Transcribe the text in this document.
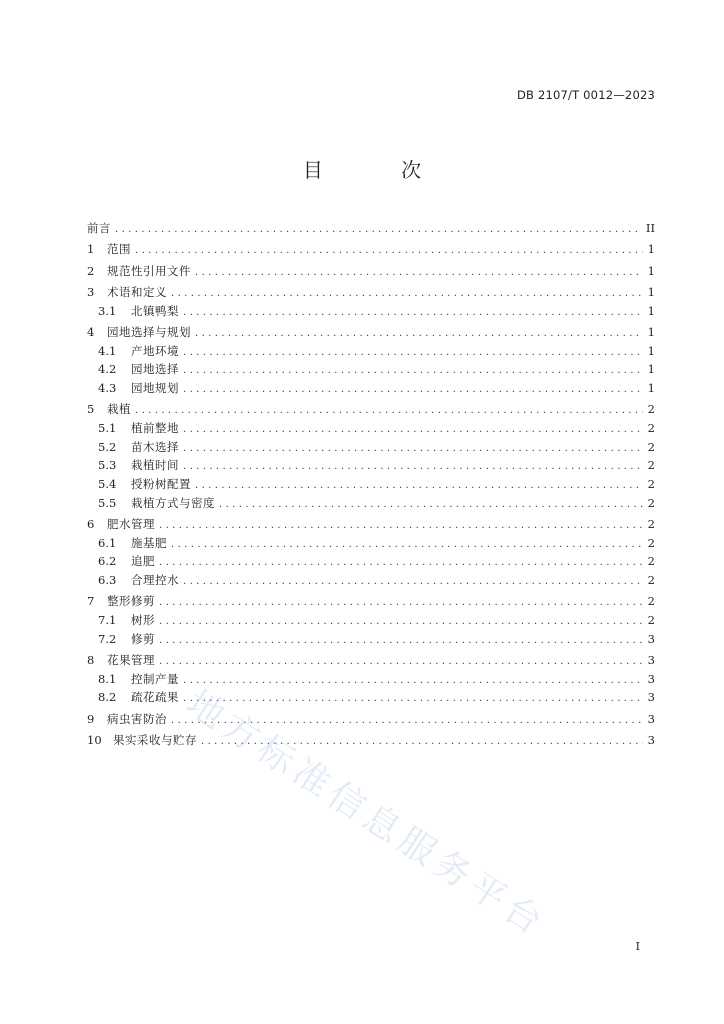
DB 2107/T 0012—2023
目 次
前言 .....	II
1	范围 .....	1
2	规范性引用文件 .....	1
3	术语和定义 .....	1
3.1	北镇鸭梨 .....	1
4	园地选择与规划 .....	1
4.1	产地环境 .....	1
4.2	园地选择 .....	1
4.3	园地规划 .....	1
5	栽植 .....	2
5.1	植前整地 .....	2
5.2	苗木选择 .....	2
5.3	栽植时间 .....	2
5.4	授粉树配置 .....	2
5.5	栽植方式与密度 .....	2
6	肥水管理 .....	2
6.1	施基肥 .....	2
6.2	追肥 .....	2
6.3	合理控水 .....	2
7	整形修剪 .....	2
7.1	树形 .....	2
7.2	修剪 .....	3
8	花果管理 .....	3
8.1	控制产量 .....	3
8.2	疏花疏果 .....	3
9	病虫害防治 .....	3
10 果实采收与贮存 .....	3
地方标准信息服务平台
I
